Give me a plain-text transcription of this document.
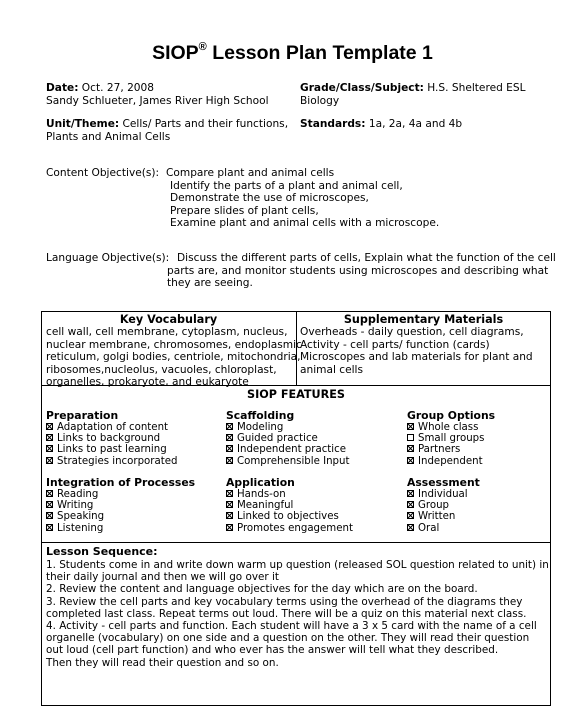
SIOP® Lesson Plan Template 1
Date: Oct. 27, 2008
Sandy Schlueter, James River High School
Grade/Class/Subject: H.S. Sheltered ESL
Biology
Unit/Theme: Cells/ Parts and their functions,
Plants and Animal Cells
Standards: 1a, 2a, 4a and 4b
Content Objective(s): Compare plant and animal cells
Identify the parts of a plant and animal cell,
Demonstrate the use of microscopes,
Prepare slides of plant cells,
Examine plant and animal cells with a microscope.
Language Objective(s): Discuss the different parts of cells, Explain what the function of the cell
parts are, and monitor students using microscopes and describing what
they are seeing.
Key Vocabulary
cell wall, cell membrane, cytoplasm, nucleus,
nuclear membrane, chromosomes, endoplasmic
reticulum, golgi bodies, centriole, mitochondria,
ribosomes,nucleolus, vacuoles, chloroplast,
organelles, prokaryote, and eukaryote
Supplementary Materials
Overheads - daily question, cell diagrams,
Activity - cell parts/ function (cards)
Microscopes and lab materials for plant and
animal cells
SIOP FEATURES
Preparation
Adaptation of content
Links to background
Links to past learning
Strategies incorporated
Scaffolding
Modeling
Guided practice
Independent practice
Comprehensible Input
Group Options
Whole class
Small groups
Partners
Independent
Integration of Processes
Reading
Writing
Speaking
Listening
Application
Hands-on
Meaningful
Linked to objectives
Promotes engagement
Assessment
Individual
Group
Written
Oral
Lesson Sequence:
1. Students come in and write down warm up question (released SOL question related to unit) in
their daily journal and then we will go over it
2. Review the content and language objectives for the day which are on the board.
3. Review the cell parts and key vocabulary terms using the overhead of the diagrams they
completed last class. Repeat terms out loud. There will be a quiz on this material next class.
4. Activity - cell parts and function. Each student will have a 3 x 5 card with the name of a cell
organelle (vocabulary) on one side and a question on the other. They will read their question
out loud (cell part function) and who ever has the answer will tell what they described.
Then they will read their question and so on.
